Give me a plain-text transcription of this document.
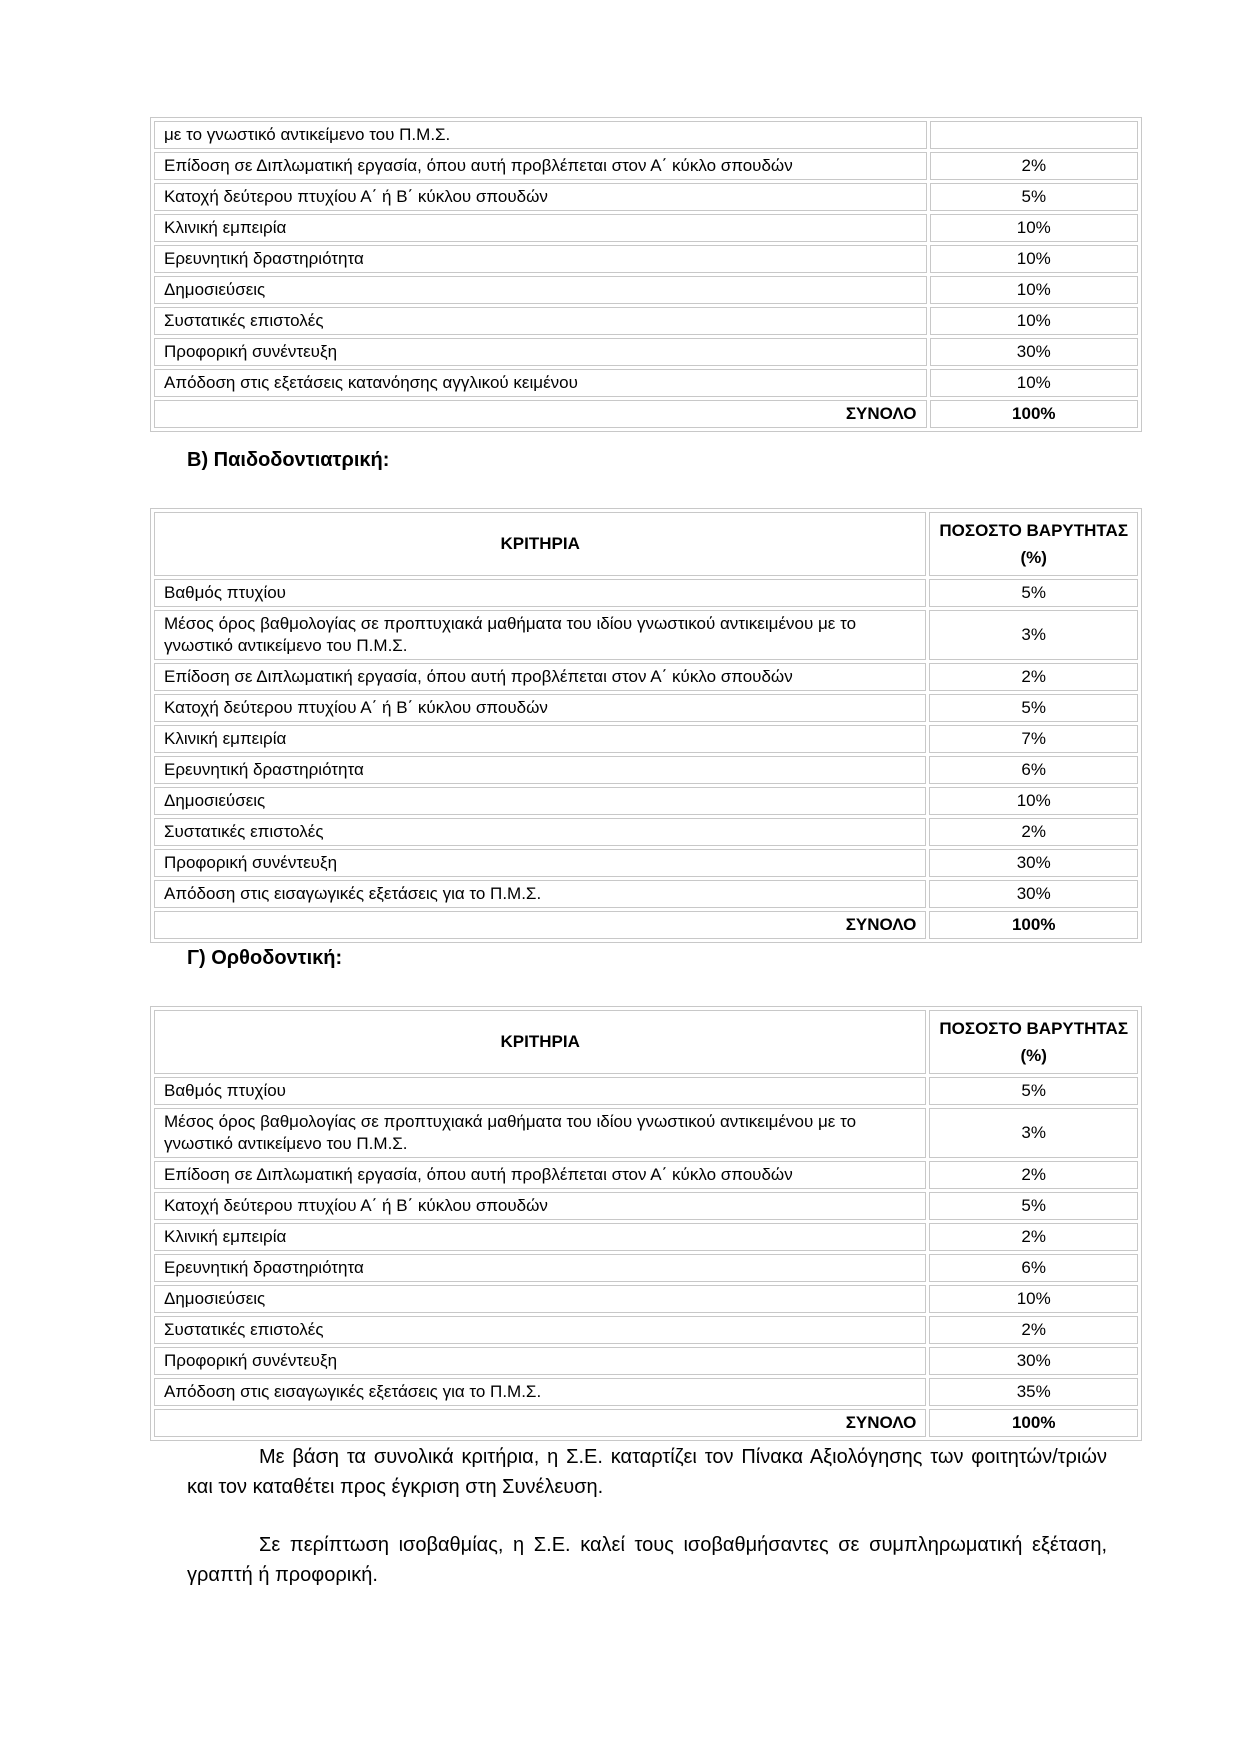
με το γνωστικό αντικείμενο του Π.Μ.Σ.	
Επίδοση σε Διπλωματική εργασία, όπου αυτή προβλέπεται στον Α΄ κύκλο σπουδών	2%
Κατοχή δεύτερου πτυχίου Α΄ ή Β΄ κύκλου σπουδών	5%
Κλινική εμπειρία	10%
Ερευνητική δραστηριότητα	10%
Δημοσιεύσεις	10%
Συστατικές επιστολές	10%
Προφορική συνέντευξη	30%
Απόδοση στις εξετάσεις κατανόησης αγγλικού κειμένου	10%
ΣΥΝΟΛΟ	100%
Β) Παιδοδοντιατρική:
ΚΡΙΤΗΡΙΑ	ΠΟΣΟΣΤΟ ΒΑΡΥΤΗΤΑΣ (%)
Βαθμός πτυχίου	5%
Μέσος όρος βαθμολογίας σε προπτυχιακά μαθήματα του ιδίου γνωστικού αντικειμένου με το γνωστικό αντικείμενο του Π.Μ.Σ.	3%
Επίδοση σε Διπλωματική εργασία, όπου αυτή προβλέπεται στον Α΄ κύκλο σπουδών	2%
Κατοχή δεύτερου πτυχίου Α΄ ή Β΄ κύκλου σπουδών	5%
Κλινική εμπειρία	7%
Ερευνητική δραστηριότητα	6%
Δημοσιεύσεις	10%
Συστατικές επιστολές	2%
Προφορική συνέντευξη	30%
Απόδοση στις εισαγωγικές εξετάσεις για το Π.Μ.Σ.	30%
ΣΥΝΟΛΟ	100%
Γ) Ορθοδοντική:
ΚΡΙΤΗΡΙΑ	ΠΟΣΟΣΤΟ ΒΑΡΥΤΗΤΑΣ (%)
Βαθμός πτυχίου	5%
Μέσος όρος βαθμολογίας σε προπτυχιακά μαθήματα του ιδίου γνωστικού αντικειμένου με το γνωστικό αντικείμενο του Π.Μ.Σ.	3%
Επίδοση σε Διπλωματική εργασία, όπου αυτή προβλέπεται στον Α΄ κύκλο σπουδών	2%
Κατοχή δεύτερου πτυχίου Α΄ ή Β΄ κύκλου σπουδών	5%
Κλινική εμπειρία	2%
Ερευνητική δραστηριότητα	6%
Δημοσιεύσεις	10%
Συστατικές επιστολές	2%
Προφορική συνέντευξη	30%
Απόδοση στις εισαγωγικές εξετάσεις για το Π.Μ.Σ.	35%
ΣΥΝΟΛΟ	100%

Με βάση τα συνολικά κριτήρια, η Σ.Ε. καταρτίζει τον Πίνακα Αξιολόγησης των φοιτητών/τριών και τον καταθέτει προς έγκριση στη Συνέλευση.

Σε περίπτωση ισοβαθμίας, η Σ.Ε. καλεί τους ισοβαθμήσαντες σε συμπληρωματική εξέταση, γραπτή ή προφορική.
